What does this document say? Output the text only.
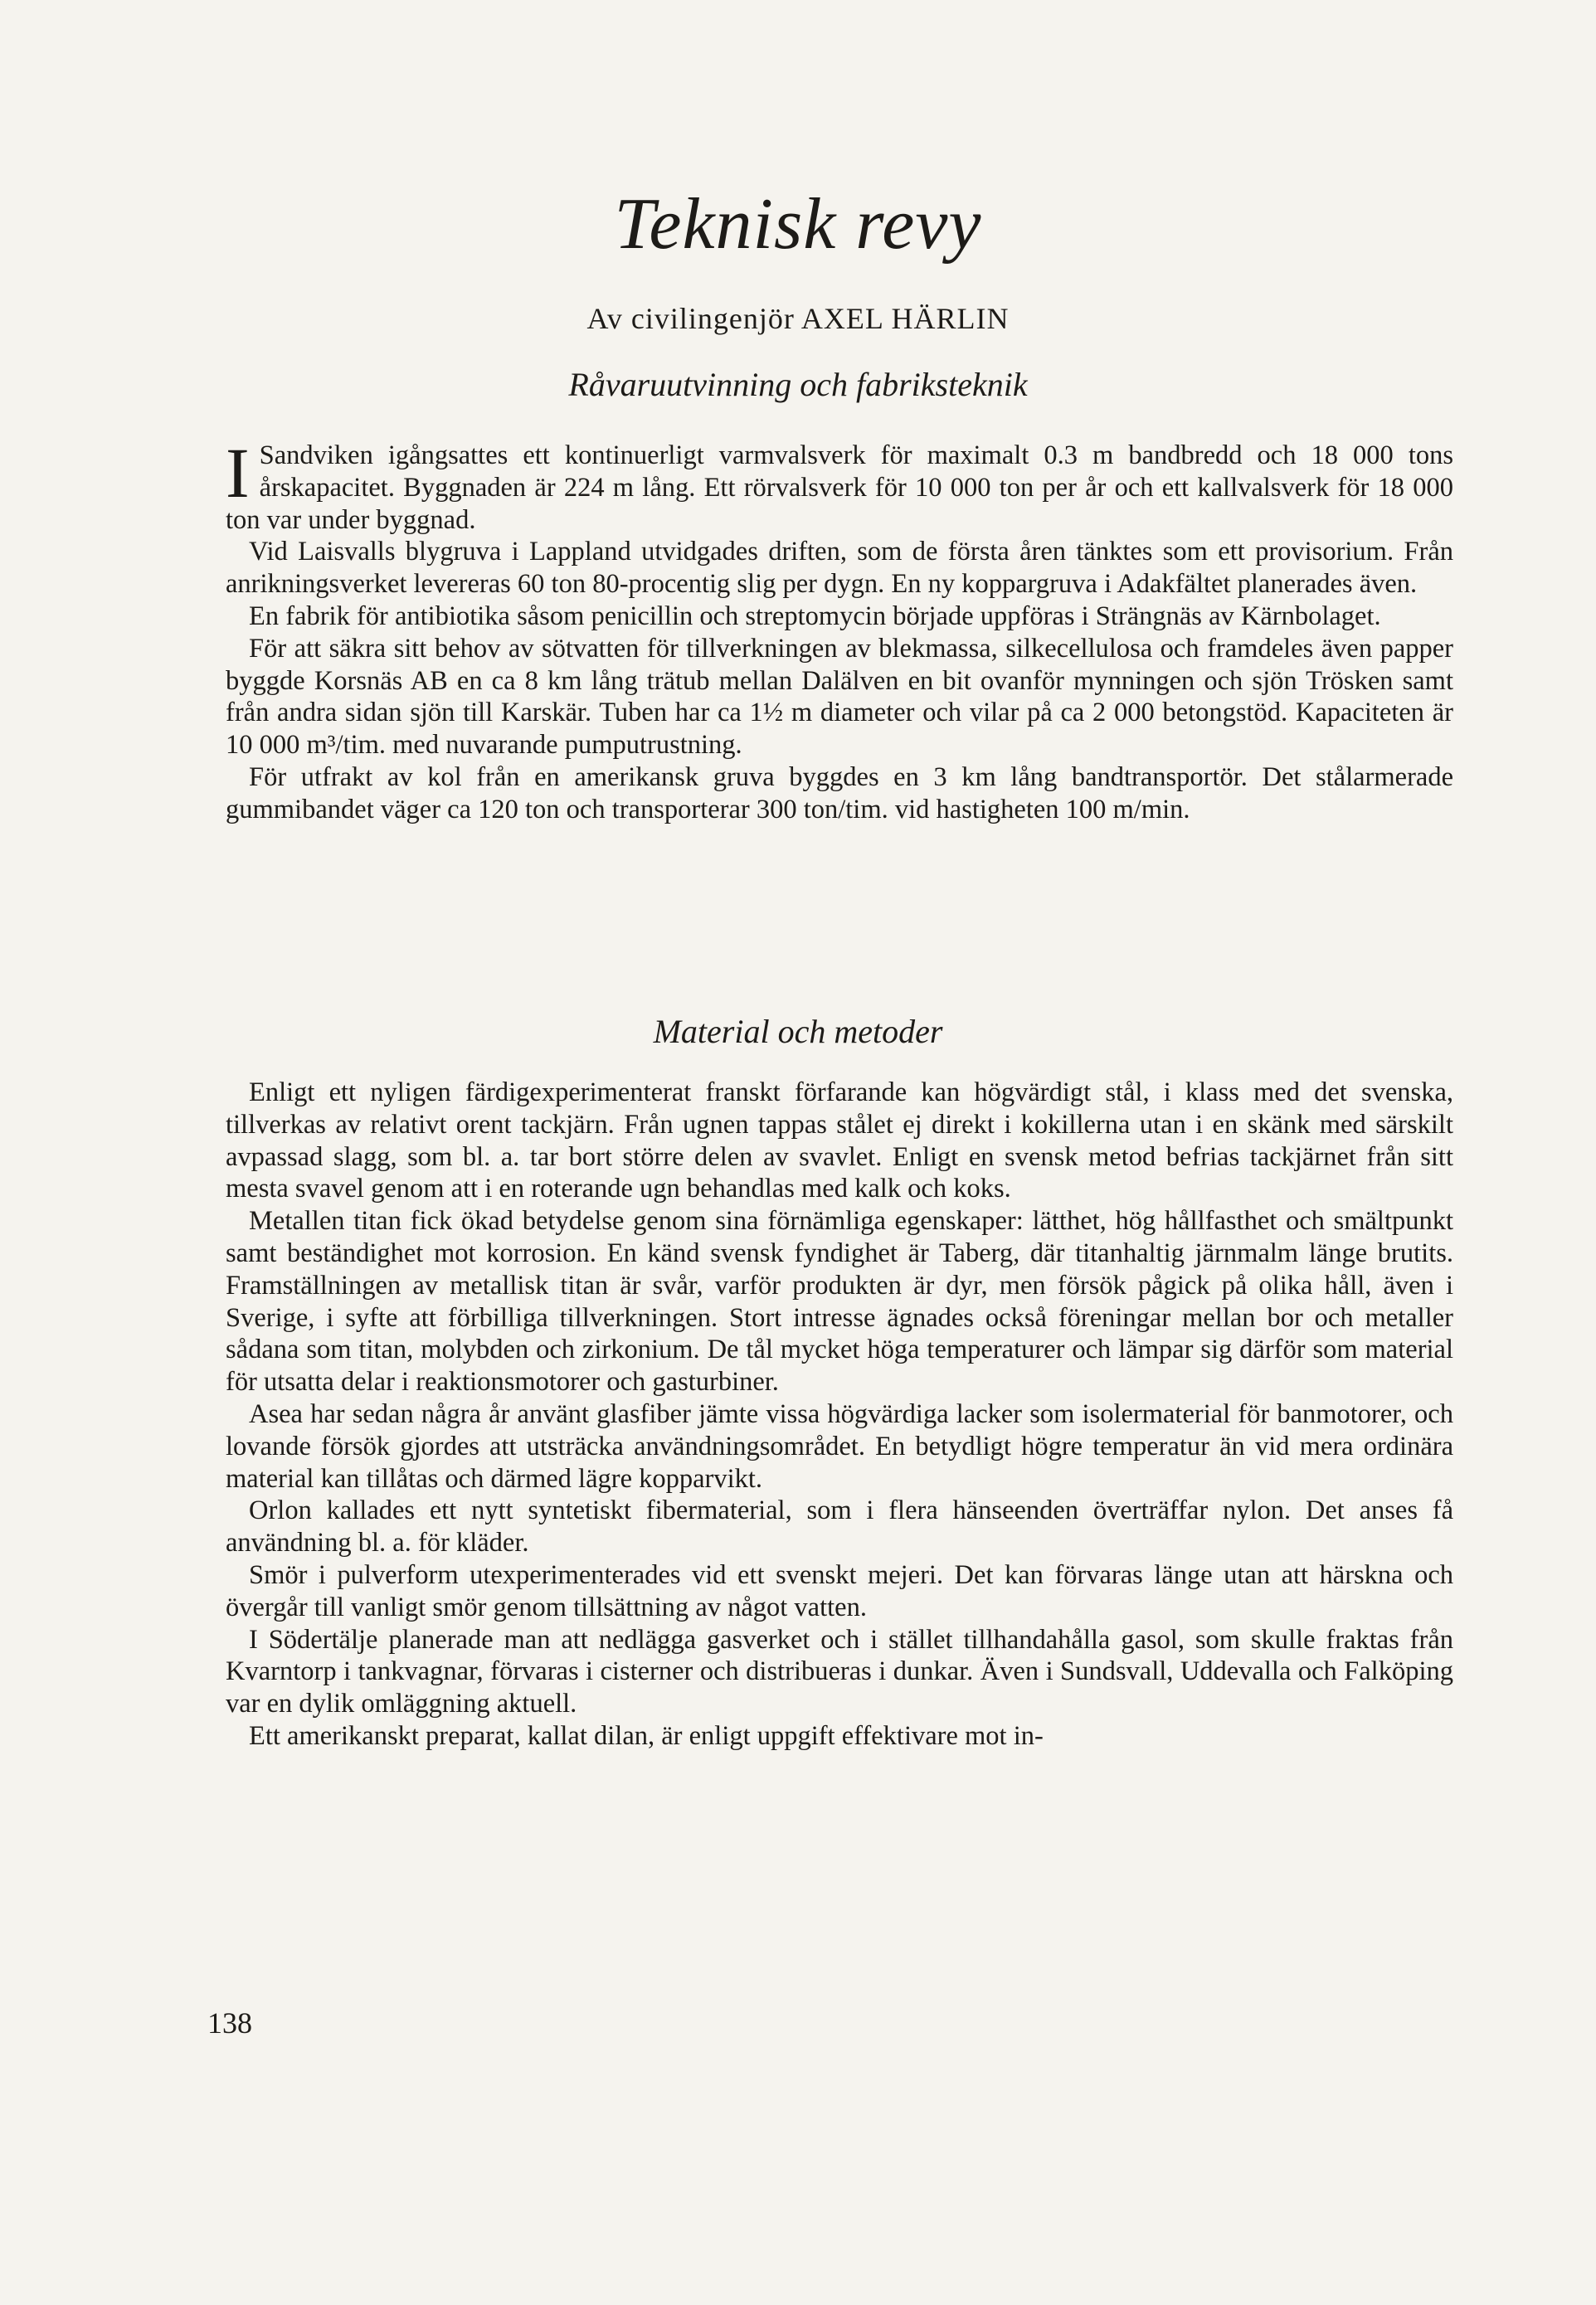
Teknisk revy
Av civilingenjör AXEL HÄRLIN
Råvaruutvinning och fabriksteknik

ISandviken igångsattes ett kontinuerligt varmvalsverk för maximalt 0.3 m bandbredd och 18 000 tons årskapacitet. Byggnaden är 224 m lång. Ett rörvalsverk för 10 000 ton per år och ett kallvalsverk för 18 000 ton var under byggnad.

Vid Laisvalls blygruva i Lappland utvidgades driften, som de första åren tänktes som ett provisorium. Från anrikningsverket levereras 60 ton 80-procentig slig per dygn. En ny koppargruva i Adakfältet planerades även.

En fabrik för antibiotika såsom penicillin och streptomycin började uppföras i Strängnäs av Kärnbolaget.

För att säkra sitt behov av sötvatten för tillverkningen av blekmassa, silkecellulosa och framdeles även papper byggde Korsnäs AB en ca 8 km lång trätub mellan Dalälven en bit ovanför mynningen och sjön Trösken samt från andra sidan sjön till Karskär. Tuben har ca 1½ m diameter och vilar på ca 2 000 betongstöd. Kapaciteten är 10 000 m³/tim. med nuvarande pumputrustning.

För utfrakt av kol från en amerikansk gruva byggdes en 3 km lång bandtransportör. Det stålarmerade gummibandet väger ca 120 ton och transporterar 300 ton/tim. vid hastigheten 100 m/min.

Material och metoder

Enligt ett nyligen färdigexperimenterat franskt förfarande kan högvärdigt stål, i klass med det svenska, tillverkas av relativt orent tackjärn. Från ugnen tappas stålet ej direkt i kokillerna utan i en skänk med särskilt avpassad slagg, som bl. a. tar bort större delen av svavlet. Enligt en svensk metod befrias tackjärnet från sitt mesta svavel genom att i en roterande ugn behandlas med kalk och koks.

Metallen titan fick ökad betydelse genom sina förnämliga egenskaper: lätthet, hög hållfasthet och smältpunkt samt beständighet mot korrosion. En känd svensk fyndighet är Taberg, där titanhaltig järnmalm länge brutits. Framställningen av metallisk titan är svår, varför produkten är dyr, men försök pågick på olika håll, även i Sverige, i syfte att förbilliga tillverkningen. Stort intresse ägnades också föreningar mellan bor och metaller sådana som titan, molybden och zirkonium. De tål mycket höga temperaturer och lämpar sig därför som material för utsatta delar i reaktionsmotorer och gasturbiner.

Asea har sedan några år använt glasfiber jämte vissa högvärdiga lacker som isolermaterial för banmotorer, och lovande försök gjordes att utsträcka användningsområdet. En betydligt högre temperatur än vid mera ordinära material kan tillåtas och därmed lägre kopparvikt.

Orlon kallades ett nytt syntetiskt fibermaterial, som i flera hänseenden överträffar nylon. Det anses få användning bl. a. för kläder.

Smör i pulverform utexperimenterades vid ett svenskt mejeri. Det kan förvaras länge utan att härskna och övergår till vanligt smör genom tillsättning av något vatten.

I Södertälje planerade man att nedlägga gasverket och i stället tillhandahålla gasol, som skulle fraktas från Kvarntorp i tankvagnar, förvaras i cisterner och distribueras i dunkar. Även i Sundsvall, Uddevalla och Falköping var en dylik omläggning aktuell.

Ett amerikanskt preparat, kallat dilan, är enligt uppgift effektivare mot in-

138
